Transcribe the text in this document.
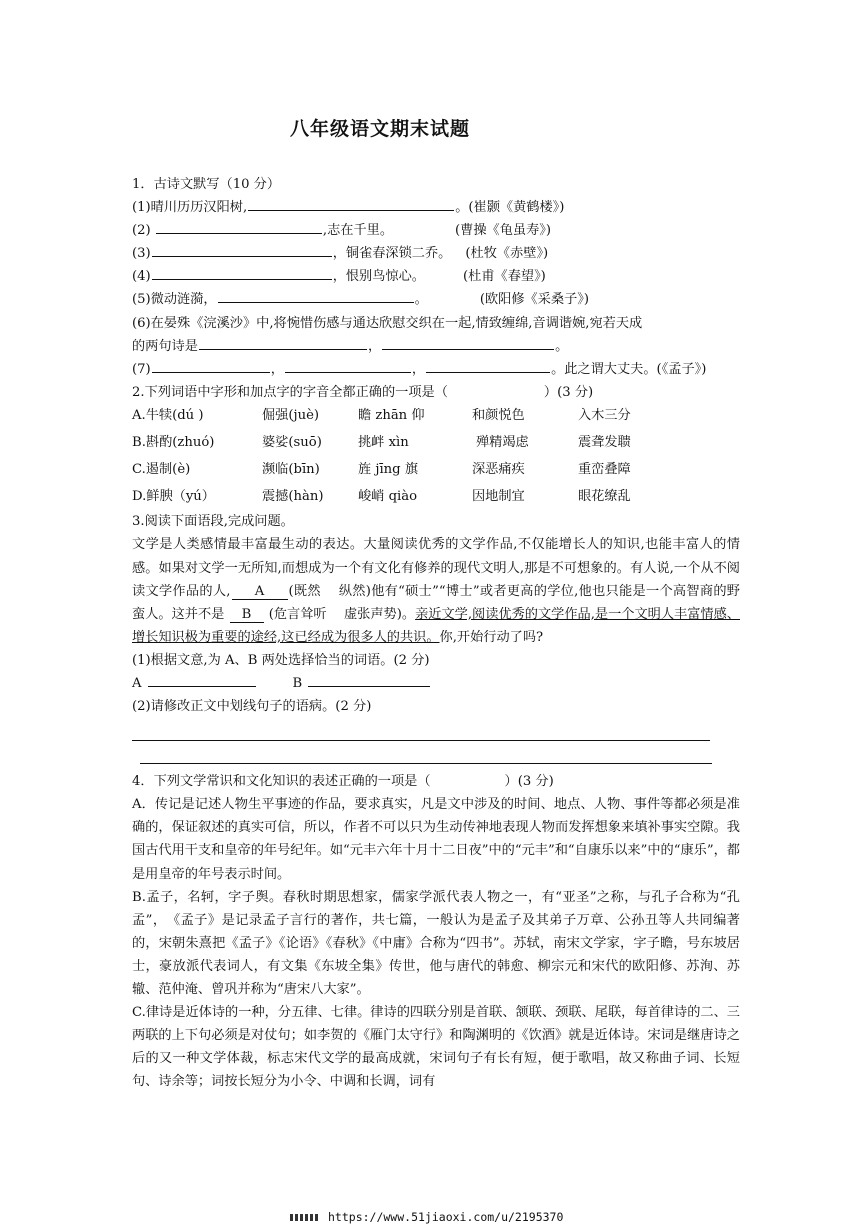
八年级语文期末试题
1．古诗文默写（10 分）
(1)晴川历历汉阳树,	。(崔颢《黄鹤楼》)
(2)	,志在千里。	(曹操《龟虽寿》)
(3)	，铜雀春深锁二乔。 (杜牧《赤壁》)
(4)	，恨别鸟惊心。	(杜甫《春望》)
(5)微动涟漪，	。	(欧阳修《采桑子》)
(6)在晏殊《浣溪沙》中,将惋惜伤感与通达欣慰交织在一起,情致缠绵,音调谐婉,宛若天成
的两句诗是	，	。
(7)	，	，	。此之谓大丈夫。(《孟子》)
2.下列词语中字形和加点字的字音全都正确的一项是（	）(3 分)
A.牛犊(dú )	倔强(juè)	瞻 zhān 仰	和颜悦色	入木三分
B.斟酌(zhuó)	婆娑(suō)	挑衅 xìn	殚精竭虑	震聋发聩
C.遏制(è)	濒临(bīn)	旌 jīng 旗	深恶痛疾	重峦叠障
D.鲜腴（yú）	震撼(hàn)	峻峭 qiào	因地制宜	眼花缭乱
3.阅读下面语段,完成问题。
文学是人类感情最丰富最生动的表达。大量阅读优秀的文学作品,不仅能增长人的知识,也能丰富人的情感。如果对文学一无所知,而想成为一个有文化有修养的现代文明人,那是不可想象的。有人说,一个从不阅读文学作品的人, A (既然　 纵然)他有“硕士”“博士”或者更高的学位,他也只能是一个高智商的野蛮人。这并不是 B (危言耸听　 虚张声势)。亲近文学,阅读优秀的文学作品,是一个文明人丰富情感、增长知识极为重要的途经,这已经成为很多人的共识。你,开始行动了吗?
(1)根据文意,为 A、B 两处选择恰当的词语。(2 分)
A	B
(2)请修改正文中划线句子的语病。(2 分)
4．下列文学常识和文化知识的表述正确的一项是（	）(3 分)
A．传记是记述人物生平事迹的作品，要求真实，凡是文中涉及的时间、地点、人物、事件等都必须是准确的，保证叙述的真实可信，所以，作者不可以只为生动传神地表现人物而发挥想象来填补事实空隙。我国古代用干支和皇帝的年号纪年。如“元丰六年十月十二日夜”中的“元丰”和“自康乐以来”中的“康乐”，都是用皇帝的年号表示时间。
B.孟子，名轲，字子舆。春秋时期思想家，儒家学派代表人物之一，有“亚圣”之称，与孔子合称为“孔孟”，　《孟子》是记录孟子言行的著作，共七篇，一般认为是孟子及其弟子万章、公孙丑等人共同编著的，宋朝朱熹把《孟子》《论语》《春秋》《中庸》合称为“四书”。苏轼，南宋文学家，字子瞻，号东坡居士，豪放派代表词人，有文集《东坡全集》传世，他与唐代的韩愈、柳宗元和宋代的欧阳修、苏洵、苏辙、范仲淹、曾巩并称为“唐宋八大家”。
C.律诗是近体诗的一种，分五律、七律。律诗的四联分别是首联、颔联、颈联、尾联，每首律诗的二、三两联的上下句必须是对仗句；如李贺的《雁门太守行》和陶渊明的《饮酒》就是近体诗。宋词是继唐诗之后的又一种文学体裁，标志宋代文学的最高成就，宋词句子有长有短，便于歌唱，故又称曲子词、长短句、诗余等；词按长短分为小令、中调和长调，词有
https://www.51jiaoxi.com/u/2195370
